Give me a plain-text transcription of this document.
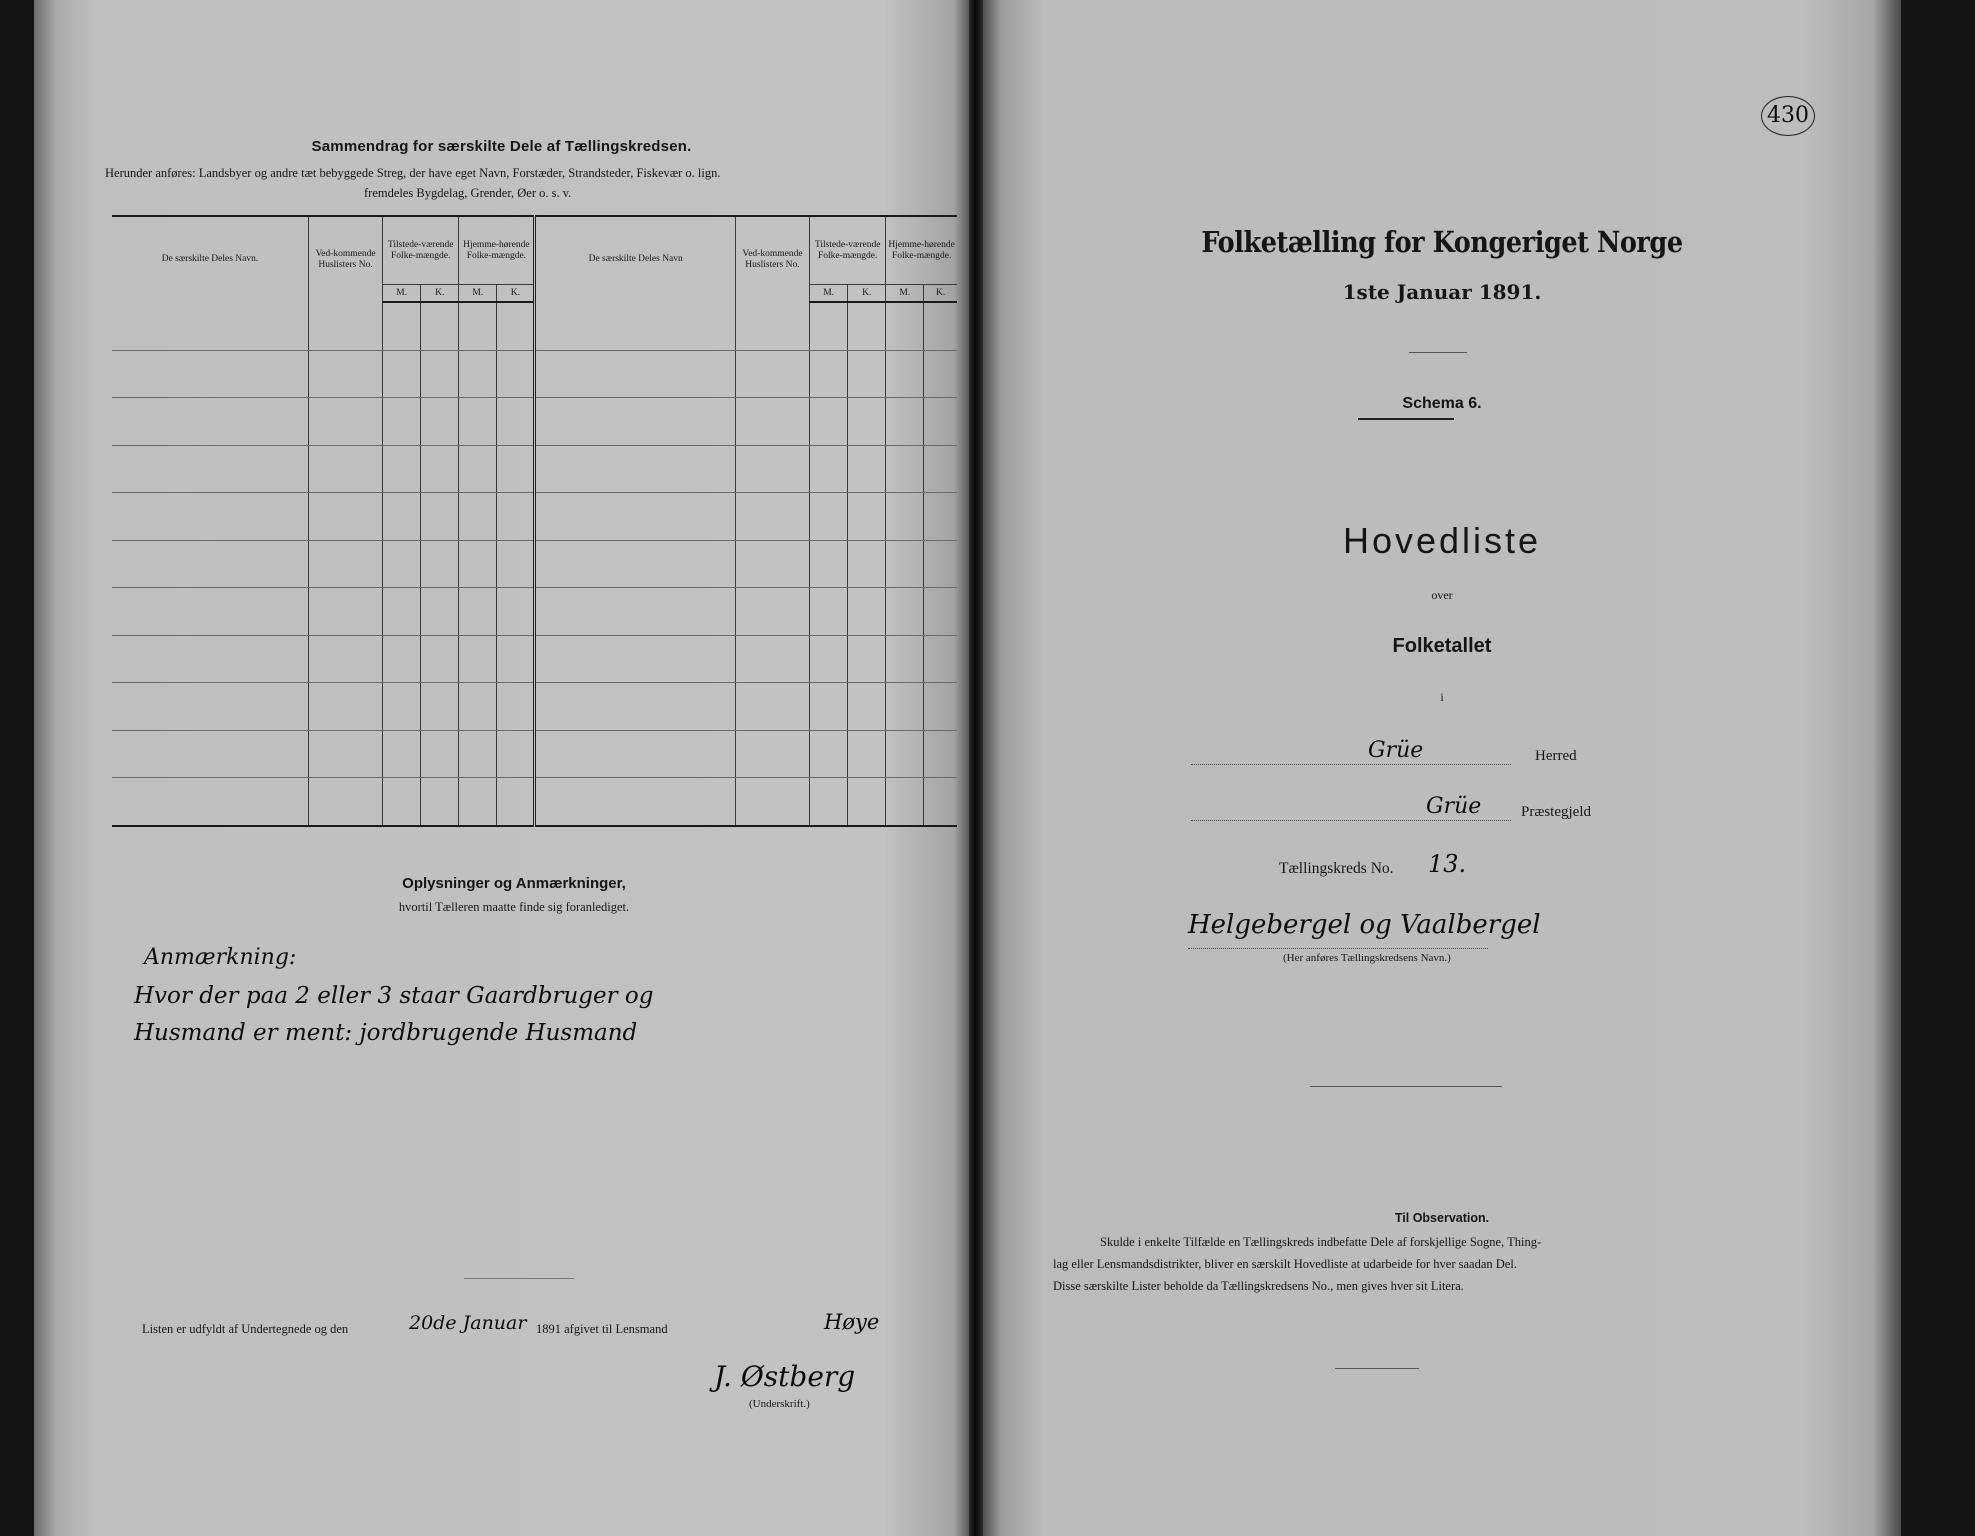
Sammendrag for særskilte Dele af Tællingskredsen.
Herunder anføres: Landsbyer og andre tæt bebyggede Streg, der have eget Navn, Forstæder, Strandsteder, Fiskevær o. lign.
fremdeles Bygdelag, Grender, Øer o. s. v.
De særskilte Deles Navn.	Ved-kommende Huslisters No.	Tilstede-værende Folke-mængde.		Hjemme-hørende Folke-mængde.		De særskilte Deles Navn	Ved-kommende Huslisters No.	Tilstede-værende Folke-mængde.		Hjemme-hørende Folke-mængde.	
		M.	K.	M.	K.			M.	K.	M.	K.

Oplysninger og Anmærkninger,
hvortil Tælleren maatte finde sig foranlediget.
Anmærkning:
Hvor der paa 2 eller 3 staar Gaardbruger og
Husmand er ment: jordbrugende Husmand
Listen er udfyldt af Undertegnede og den	20de Januar 1891 afgivet til Lensmand	Høye
J. Østberg
(Underskrift.)
430
Folketælling for Kongeriget Norge
1ste Januar 1891.
Schema 6.
Hovedliste
over
Folketallet
i
Grüe	Herred
Grüe	Præstegjeld
Tællingskreds No. 13.
Helgebergel og Vaalbergel
(Her anføres Tællingskredsens Navn.)
Til Observation.
Skulde i enkelte Tilfælde en Tællingskreds indbefatte Dele af forskjellige Sogne, Thing-
lag eller Lensmandsdistrikter, bliver en særskilt Hovedliste at udarbeide for hver saadan Del.
Disse særskilte Lister beholde da Tællingskredsens No., men gives hver sit Litera.
